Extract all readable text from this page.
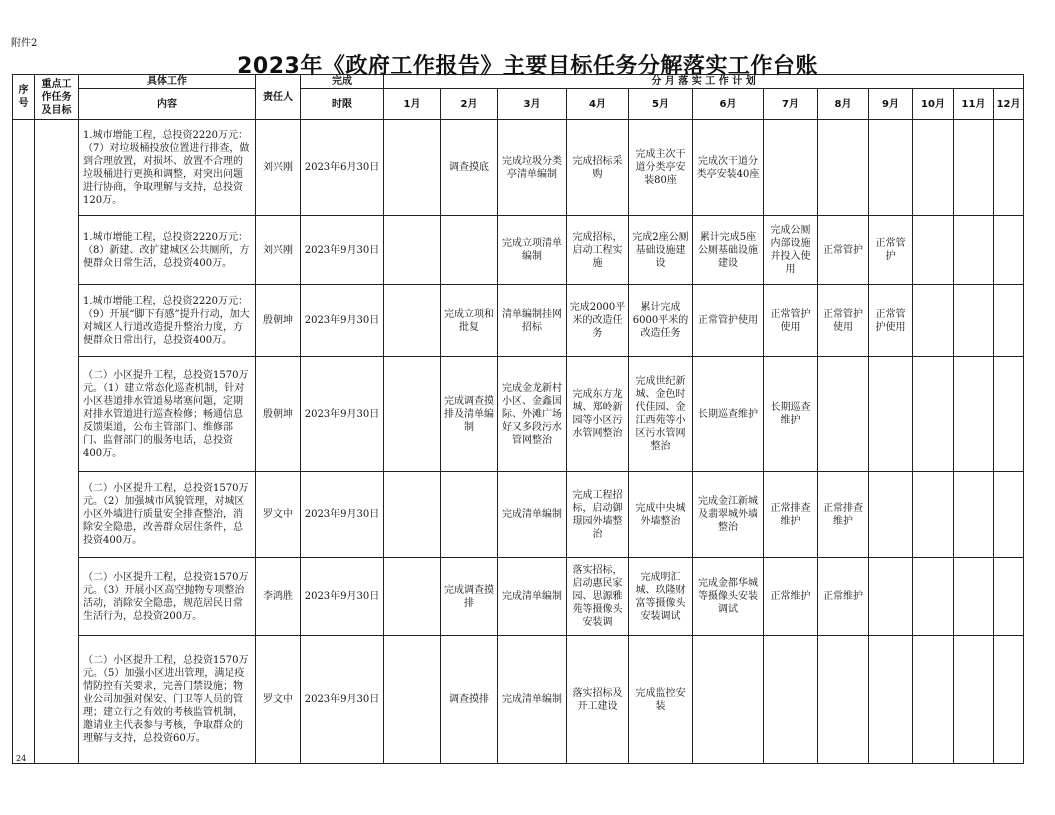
附件2
2023年《政府工作报告》主要目标任务分解落实工作台账
序号	重点工作任务及目标	具体工作	责任人	完成	分 月 落 实 工 作 计 划											
		内容		时限	1月	2月	3月	4月	5月	6月	7月	8月	9月	10月	11月	12月

		1.城市增能工程，总投资2220万元：（7）对垃圾桶投放位置进行排查，做到合理放置，对损坏、放置不合理的垃圾桶进行更换和调整，对突出问题进行协商，争取理解与支持，总投资120万。	刘兴刚	2023年6月30日		调查摸底	完成垃圾分类亭清单编制	完成招标采购	完成主次干道分类亭安装80座	完成次干道分类亭安装40座						

		1.城市增能工程，总投资2220万元：（8）新建、改扩建城区公共厕所，方便群众日常生活，总投资400万。	刘兴刚	2023年9月30日			完成立项清单编制	完成招标，启动工程实施	完成2座公厕基础设施建设	累计完成5座公厕基础设施建设	完成公厕内部设施并投入使用	正常管护	正常管护			

		1.城市增能工程，总投资2220万元：（9）开展“脚下有感”提升行动，加大对城区人行道改造提升整治力度，方便群众日常出行，总投资400万。	殷朝坤	2023年9月30日		完成立项和批复	清单编制挂网招标	完成2000平米的改造任务	累计完成6000平米的改造任务	正常管护使用	正常管护使用	正常管护使用	正常管护使用			

		（二）小区提升工程，总投资1570万元。（1）建立常态化巡查机制，针对小区巷道排水管道易堵塞问题，定期对排水管道进行巡查检修；畅通信息反馈渠道，公布主管部门、维修部门、监督部门的服务电话，总投资400万。	殷朝坤	2023年9月30日		完成调查摸排及清单编制	完成金龙新村小区、金鑫国际、外滩广场好又多段污水管网整治	完成东方龙城、郑岭新园等小区污水管网整治	完成世纪新城、金色时代佳园、金江西苑等小区污水管网整治	长期巡查维护	长期巡查维护					

		（二）小区提升工程，总投资1570万元。（2）加强城市风貌管理，对城区小区外墙进行质量安全排查整治，消除安全隐患，改善群众居住条件，总投资400万。	罗文中	2023年9月30日			完成清单编制	完成工程招标，启动御璟园外墙整治	完成中央城外墙整治	完成金江新城及翡翠城外墙整治	正常排查维护	正常排查维护				

		（二）小区提升工程，总投资1570万元。（3）开展小区高空抛物专项整治活动，消除安全隐患，规范居民日常生活行为，总投资200万。	李鸿胜	2023年9月30日		完成调查摸排	完成清单编制	落实招标，启动惠民家园、思源雅苑等摄像头安装调	完成明汇城、玖隆财富等摄像头安装调试	完成金都华城等摄像头安装调试	正常维护	正常维护				

		（二）小区提升工程，总投资1570万元。（5）加强小区进出管理，满足疫情防控有关要求，完善门禁设施；物业公司加强对保安、门卫等人员的管理；建立行之有效的考核监管机制，邀请业主代表参与考核，争取群众的理解与支持，总投资60万。	罗文中	2023年9月30日		调查摸排	完成清单编制	落实招标及开工建设	完成监控安装							

24
